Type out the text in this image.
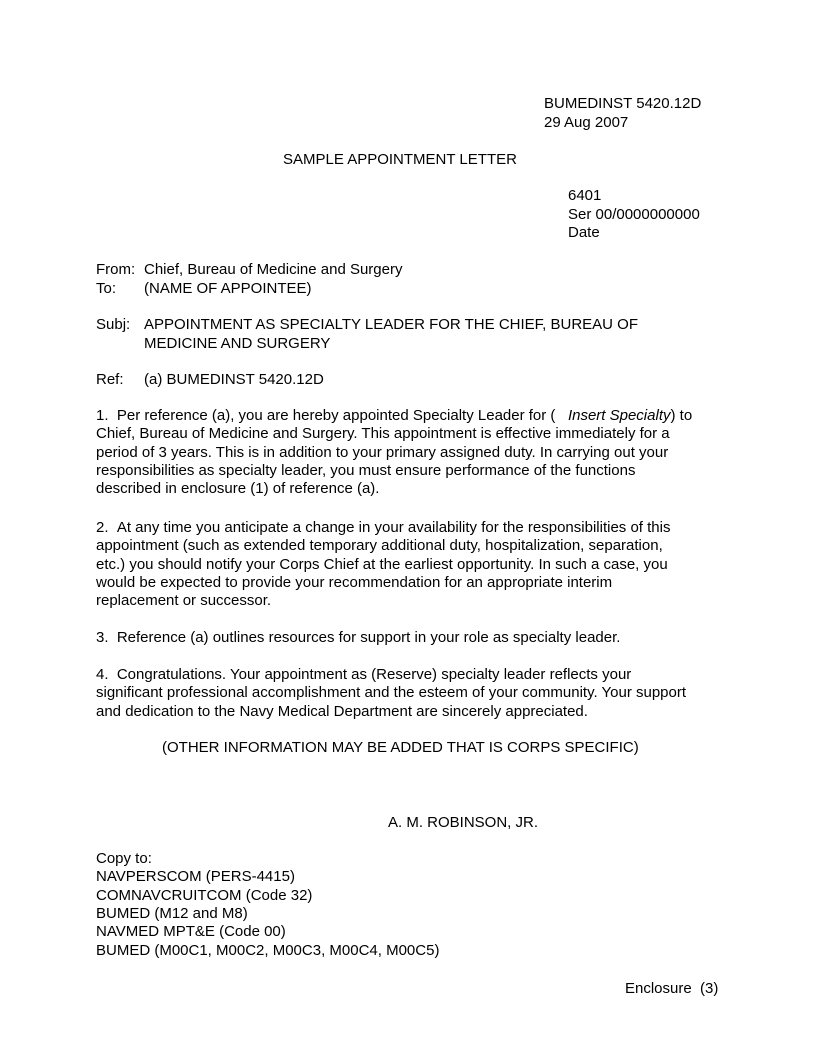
BUMEDINST 5420.12D
29 Aug 2007
SAMPLE APPOINTMENT LETTER
6401
Ser 00/0000000000
Date
From: Chief, Bureau of Medicine and Surgery
To: (NAME OF APPOINTEE)
Subj: APPOINTMENT AS SPECIALTY LEADER FOR THE CHIEF, BUREAU OF
MEDICINE AND SURGERY
Ref: (a) BUMEDINST 5420.12D
1.  Per reference (a), you are hereby appointed Specialty Leader for (   Insert Specialty) to
Chief, Bureau of Medicine and Surgery. This appointment is effective immediately for a
period of 3 years. This is in addition to your primary assigned duty. In carrying out your
responsibilities as specialty leader, you must ensure performance of the functions
described in enclosure (1) of reference (a).
2.  At any time you anticipate a change in your availability for the responsibilities of this
appointment (such as extended temporary additional duty, hospitalization, separation,
etc.) you should notify your Corps Chief at the earliest opportunity. In such a case, you
would be expected to provide your recommendation for an appropriate interim
replacement or successor.
3.  Reference (a) outlines resources for support in your role as specialty leader.
4.  Congratulations. Your appointment as (Reserve) specialty leader reflects your
significant professional accomplishment and the esteem of your community. Your support
and dedication to the Navy Medical Department are sincerely appreciated.
(OTHER INFORMATION MAY BE ADDED THAT IS CORPS SPECIFIC)
A. M. ROBINSON, JR.
Copy to:
NAVPERSCOM (PERS-4415)
COMNAVCRUITCOM (Code 32)
BUMED (M12 and M8)
NAVMED MPT&E (Code 00)
BUMED (M00C1, M00C2, M00C3, M00C4, M00C5)
Enclosure  (3)
